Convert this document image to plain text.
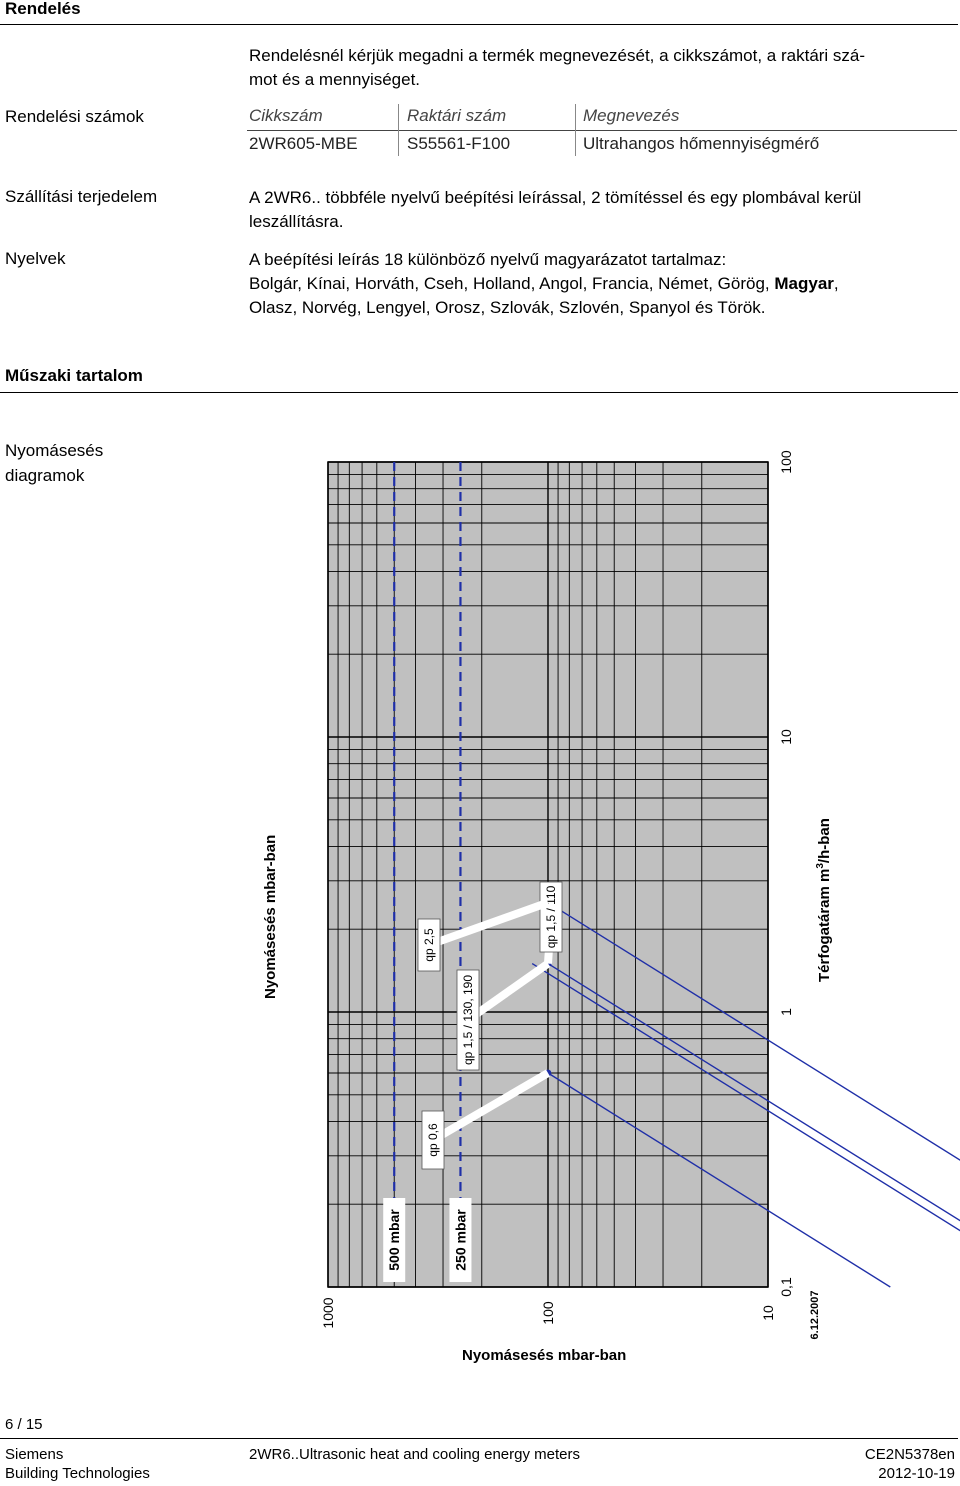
Rendelés
Rendelésnél kérjük megadni a termék megnevezését, a cikkszámot, a raktári szá-
mot és a mennyiséget.
Rendelési számok	Cikkszám	Raktári szám	Megnevezés
2WR605-MBE	S55561-F100	Ultrahangos hőmennyiségmérő
Szállítási terjedelem	A 2WR6.. többféle nyelvű beépítési leírással, 2 tömítéssel és egy plombával kerül
leszállításra.
Nyelvek	A beépítési leírás 18 különböző nyelvű magyarázatot tartalmaz:
Bolgár, Kínai, Horváth, Cseh, Holland, Angol, Francia, Német, Görög, Magyar,
Olasz, Norvég, Lengyel, Orosz, Szlovák, Szlovén, Spanyol és Török.
Műszaki tartalom
Nyomásesés
diagramok
Nyomásesés mbar-ban	Térfogatáram $m^3/h$-ban
500 mbar	250 mbar
qp 0,6
qp 1,5 / 130, 190
qp 1,5 / 110
qp 2,5
0,1
1
10
100
1000	100	10	6.12.2007
Nyomásesés mbar-ban
6 / 15
Siemens
Building Technologies
2WR6..Ultrasonic heat and cooling energy meters	CE2N5378en
2012-10-19
